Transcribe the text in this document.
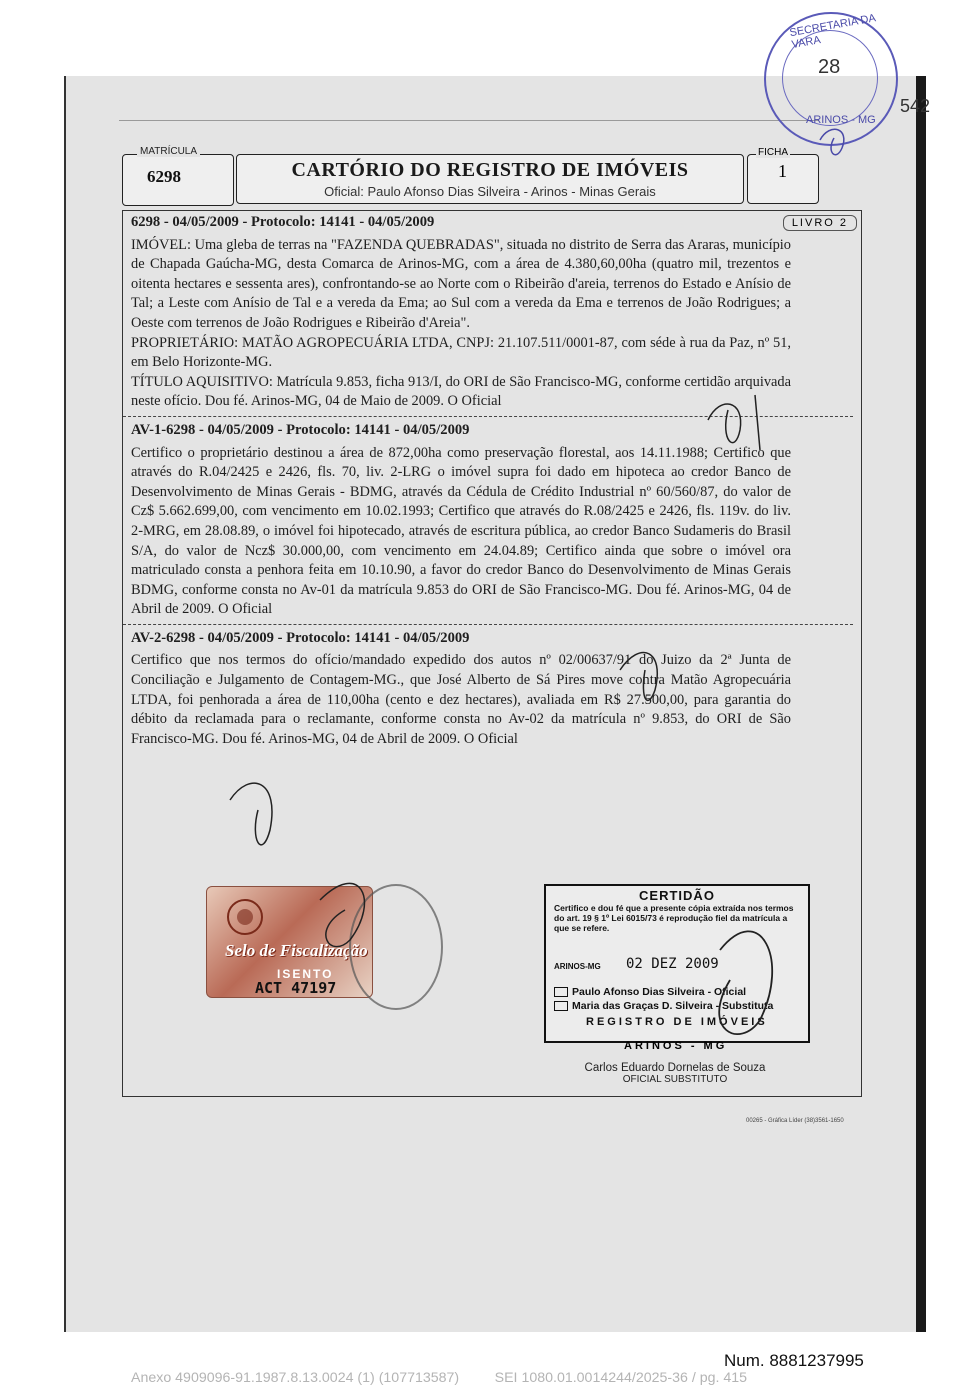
MATRÍCULA
6298	CARTÓRIO DO REGISTRO DE IMÓVEIS
Oficial: Paulo Afonso Dias Silveira - Arinos - Minas Gerais
FICHA
1
LIVRO 2
6298 - 04/05/2009 - Protocolo: 14141 - 04/05/2009

IMÓVEL: Uma gleba de terras na "FAZENDA QUEBRADAS", situada no distrito de Serra das Araras, município de Chapada Gaúcha-MG, desta Comarca de Arinos-MG, com a área de 4.380,60,00ha (quatro mil, trezentos e oitenta hectares e sessenta ares), confrontando-se ao Norte com o Ribeirão d'areia, terrenos do Estado e Anísio de Tal; a Leste com Anísio de Tal e a vereda da Ema; ao Sul com a vereda da Ema e terrenos de João Rodrigues; a Oeste com terrenos de João Rodrigues e Ribeirão d'Areia".

PROPRIETÁRIO: MATÃO AGROPECUÁRIA LTDA, CNPJ: 21.107.511/0001-87, com séde à rua da Paz, nº 51, em Belo Horizonte-MG.

TÍTULO AQUISITIVO: Matrícula 9.853, ficha 913/I, do ORI de São Francisco-MG, conforme certidão arquivada neste ofício. Dou fé. Arinos-MG, 04 de Maio de 2009. O Oficial

AV-1-6298 - 04/05/2009 - Protocolo: 14141 - 04/05/2009

Certifico o proprietário destinou a área de 872,00ha como preservação florestal, aos 14.11.1988; Certifico que através do R.04/2425 e 2426, fls. 70, liv. 2-LRG o imóvel supra foi dado em hipoteca ao credor Banco de Desenvolvimento de Minas Gerais - BDMG, através da Cédula de Crédito Industrial nº 60/560/87, do valor de Cz$ 5.662.699,00, com vencimento em 10.02.1993; Certifico que através do R.08/2425 e 2426, fls. 119v. do liv. 2-MRG, em 28.08.89, o imóvel foi hipotecado, através de escritura pública, ao credor Banco Sudameris do Brasil S/A, do valor de Ncz$ 30.000,00, com vencimento em 24.04.89; Certifico ainda que sobre o imóvel ora matriculado consta a penhora feita em 10.10.90, a favor do credor Banco do Desenvolvimento de Minas Gerais BDMG, conforme consta no Av-01 da matrícula 9.853 do ORI de São Francisco-MG. Dou fé. Arinos-MG, 04 de Abril de 2009. O Oficial

AV-2-6298 - 04/05/2009 - Protocolo: 14141 - 04/05/2009

Certifico que nos termos do ofício/mandado expedido dos autos nº 02/00637/91 do Juizo da 2ª Junta de Conciliação e Julgamento de Contagem-MG., que José Alberto de Sá Pires move contra Matão Agropecuária LTDA, foi penhorada a área de 110,00ha (cento e dez hectares), avaliada em R$ 27.500,00, para garantia do débito da reclamada para o reclamante, conforme consta no Av-02 da matrícula nº 9.853, do ORI de São Francisco-MG. Dou fé. Arinos-MG, 04 de Abril de 2009. O Oficial

Selo de Fiscalização
ISENTO
ACT 47197
CERTIDÃO
Certifico e dou fé que a presente cópia extraída nos termos do art. 19 § 1º Lei 6015/73 é reprodução fiel da matrícula a que se refere.
ARINOS-MG 02 DEZ 2009
Paulo Afonso Dias Silveira - Oficial
Maria das Graças D. Silveira - Substituta
REGISTRO DE IMÓVEIS
ARINOS - MG
Carlos Eduardo Dornelas de Souza
OFICIAL SUBSTITUTO
00265 - Gráfica Líder (38)3561-1650
SECRETARIA DA VARA
ARINOS - MG
28
542
Num. 8881237995
Anexo 4909096-91.1987.8.13.0024 (1) (107713587)         SEI 1080.01.0014244/2025-36 / pg. 415
